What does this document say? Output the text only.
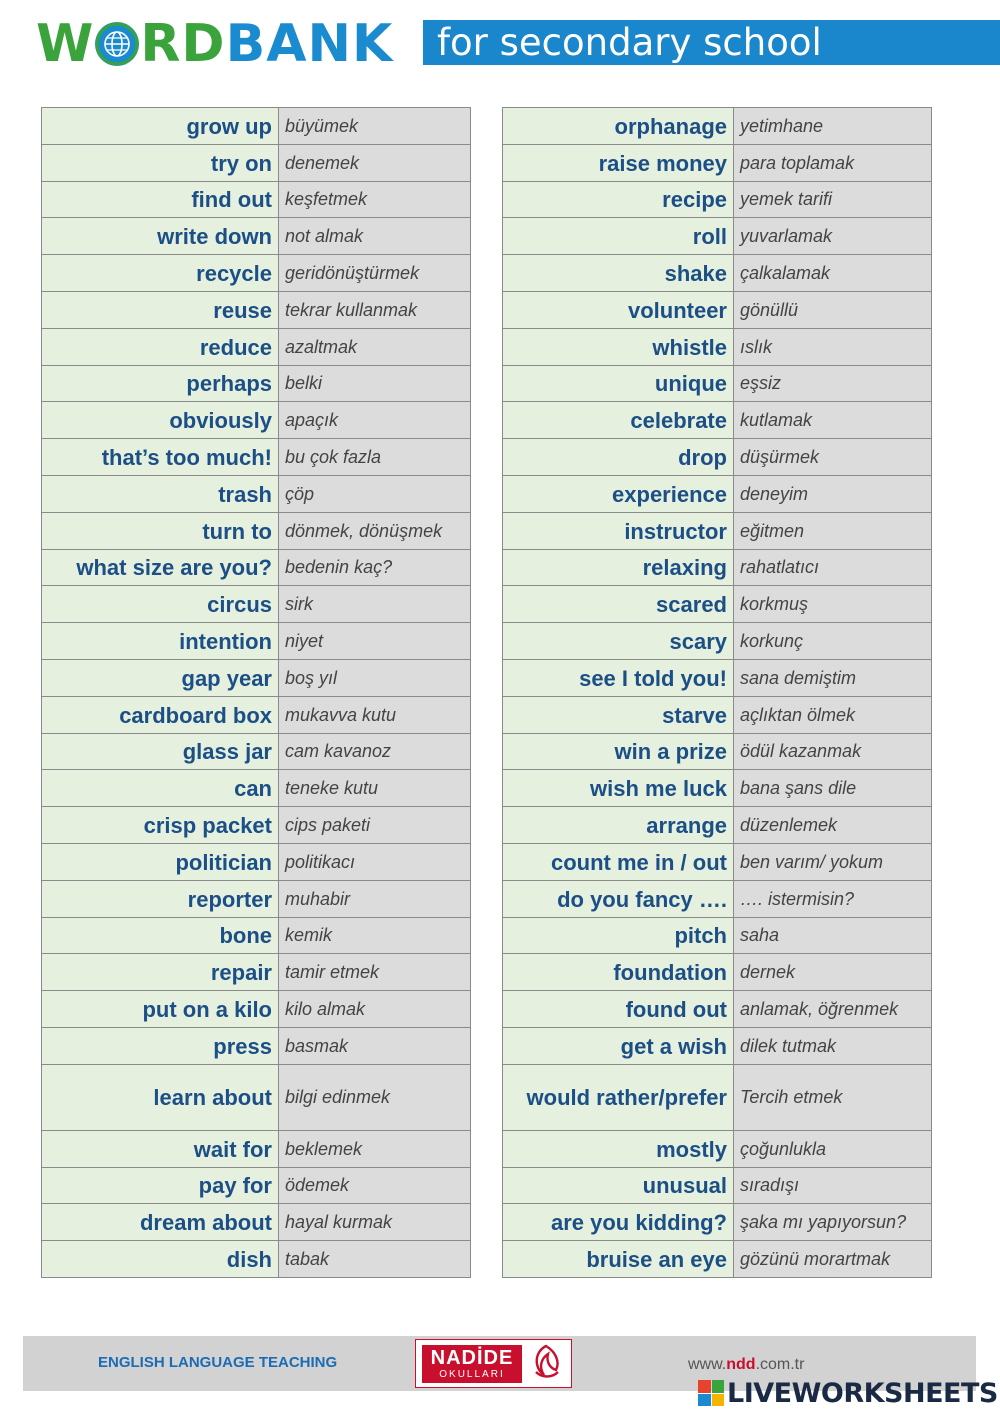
W RD BANK	for secondary school
grow up büyümek
try on denemek
find out keşfetmek
write down not almak
recycle geridönüştürmek
reuse tekrar kullanmak
reduce azaltmak
perhaps belki
obviously apaçık
that’s too much! bu çok fazla
trash çöp
turn to dönmek, dönüşmek
what size are you? bedenin kaç?
circus sirk
intention niyet
gap year boş yıl
cardboard box mukavva kutu
glass jar cam kavanoz
can teneke kutu
crisp packet cips paketi
politician politikacı
reporter muhabir
bone kemik
repair tamir etmek
put on a kilo kilo almak
press basmak
learn about bilgi edinmek
wait for beklemek
pay for ödemek
dream about hayal kurmak
dish tabak
orphanage yetimhane
raise money para toplamak
recipe yemek tarifi
roll yuvarlamak
shake çalkalamak
volunteer gönüllü
whistle ıslık
unique eşsiz
celebrate kutlamak
drop düşürmek
experience deneyim
instructor eğitmen
relaxing rahatlatıcı
scared korkmuş
scary korkunç
see I told you! sana demiştim
starve açlıktan ölmek
win a prize ödül kazanmak
wish me luck bana şans dile
arrange düzenlemek
count me in / out ben varım/ yokum
do you fancy …. …. istermisin?
pitch saha
foundation dernek
found out anlamak, öğrenmek
get a wish dilek tutmak
would rather/prefer Tercih etmek
mostly çoğunlukla
unusual sıradışı
are you kidding? şaka mı yapıyorsun?
bruise an eye gözünü morartmak
ENGLISH LANGUAGE TEACHING	NADİDE
OKULLARI
www.ndd.com.tr
LIVEWORKSHEETS
